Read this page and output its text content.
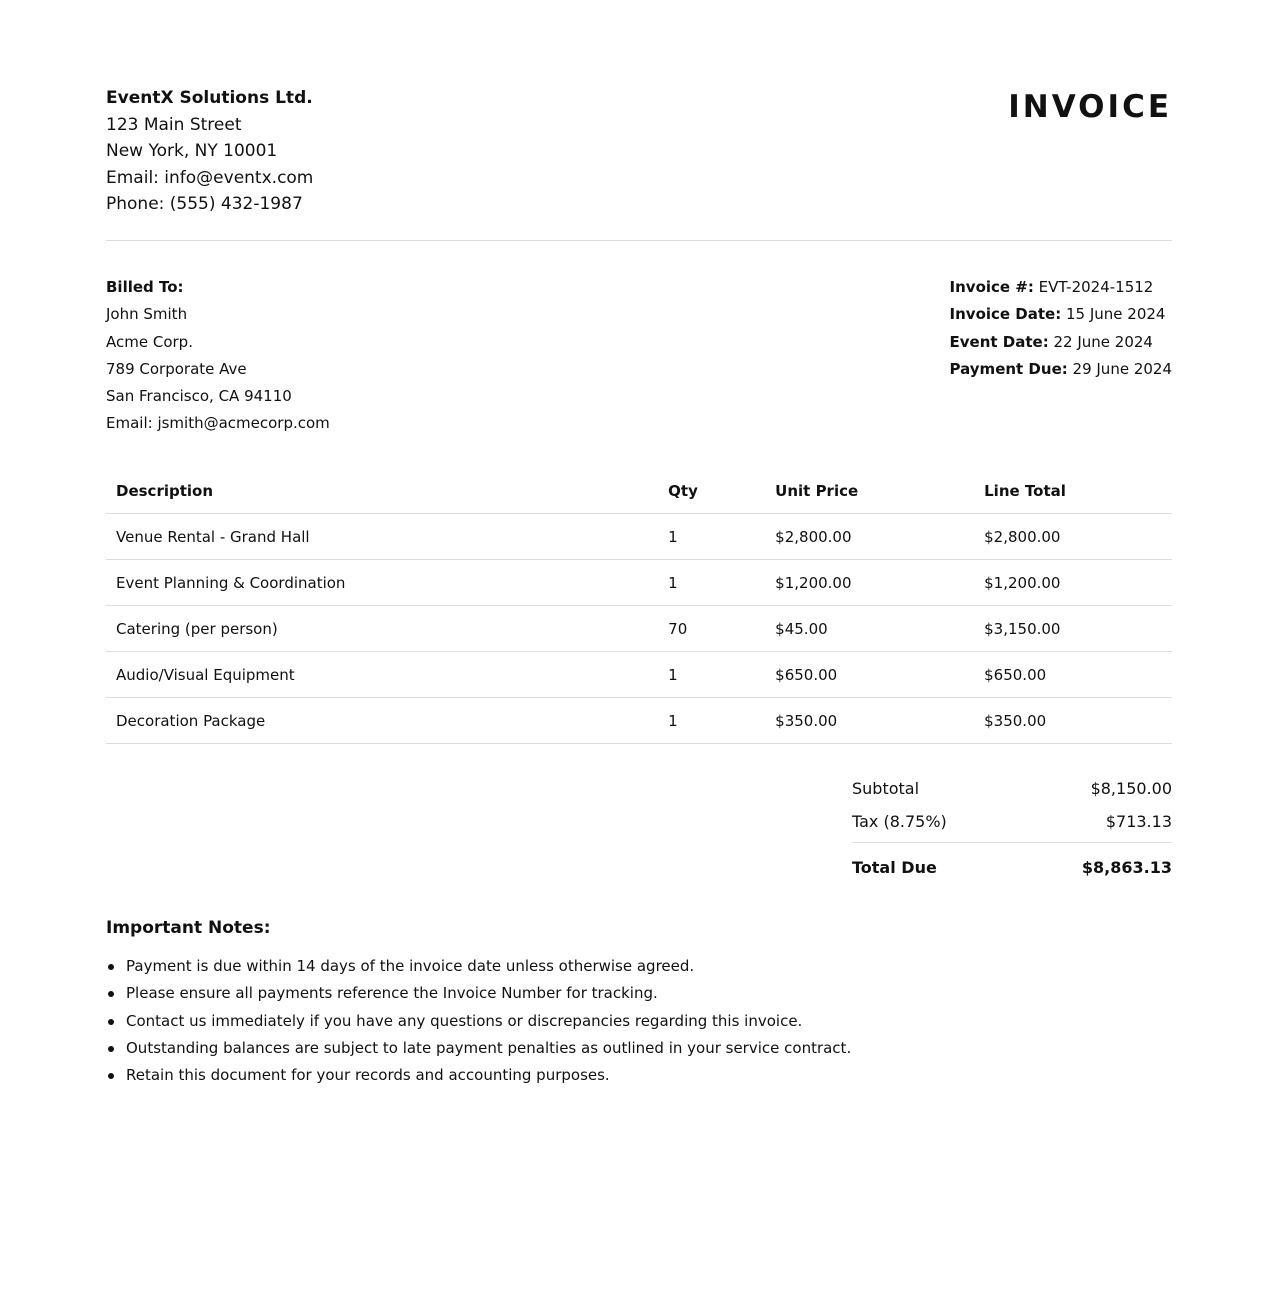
EventX Solutions Ltd.
123 Main Street
New York, NY 10001
Email: info@eventx.com
Phone: (555) 432-1987
INVOICE
Billed To:
John Smith
Acme Corp.
789 Corporate Ave
San Francisco, CA 94110
Email: jsmith@acmecorp.com
Invoice #: EVT-2024-1512
Invoice Date: 15 June 2024
Event Date: 22 June 2024
Payment Due: 29 June 2024
Description	Qty	Unit Price	Line Total
Venue Rental - Grand Hall	1	$2,800.00	$2,800.00
Event Planning & Coordination	1	$1,200.00	$1,200.00
Catering (per person)	70	$45.00	$3,150.00
Audio/Visual Equipment	1	$650.00	$650.00
Decoration Package	1	$350.00	$350.00
Subtotal	$8,150.00
Tax (8.75%)	$713.13
Total Due	$8,863.13
Important Notes:
Payment is due within 14 days of the invoice date unless otherwise agreed.
Please ensure all payments reference the Invoice Number for tracking.
Contact us immediately if you have any questions or discrepancies regarding this invoice.
Outstanding balances are subject to late payment penalties as outlined in your service contract.
Retain this document for your records and accounting purposes.
